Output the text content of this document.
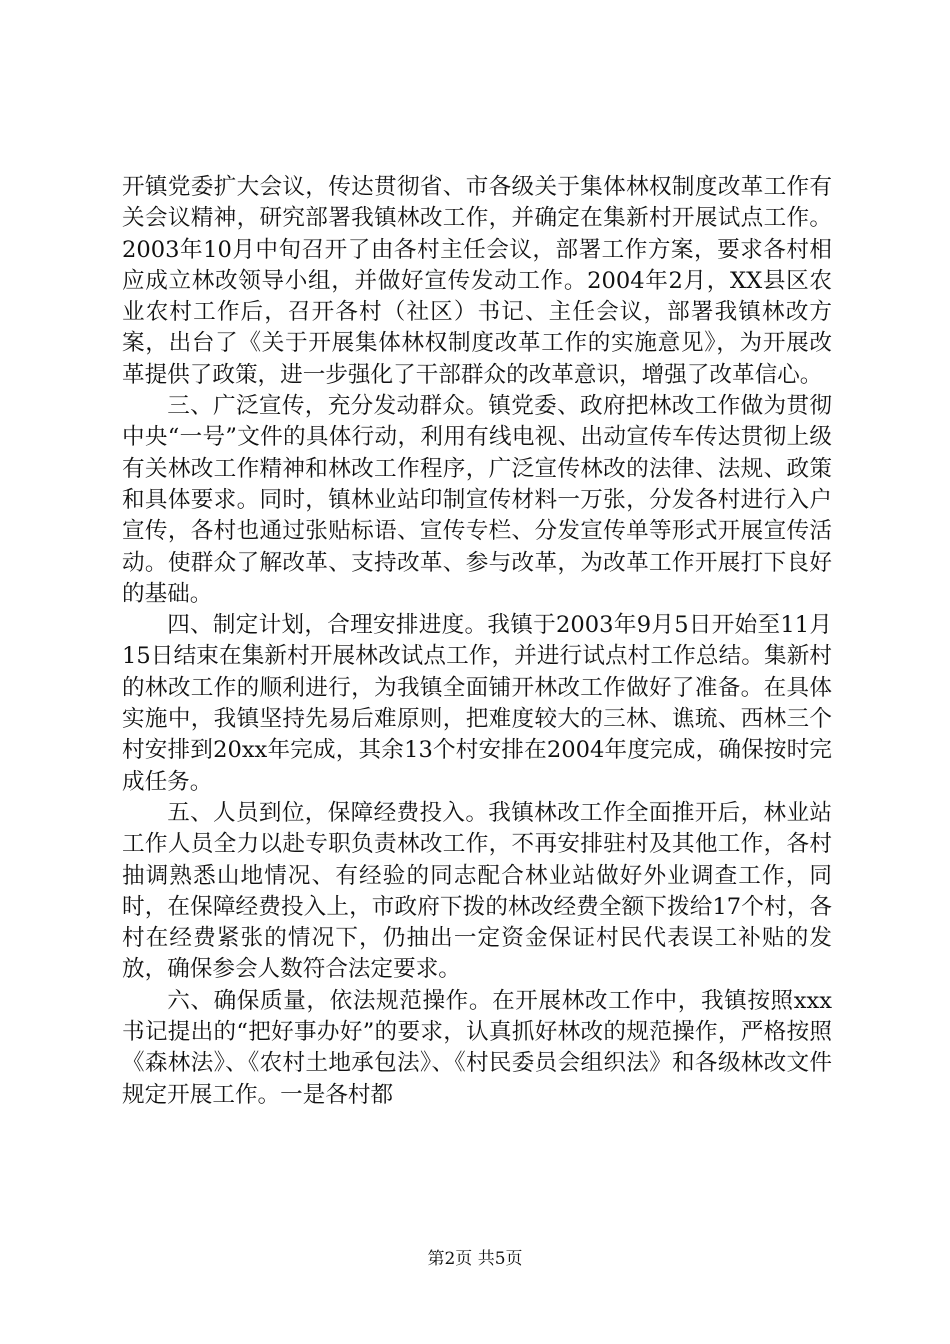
开镇党委扩大会议，传达贯彻省、市各级关于集体林权制度改革工作有关会议精神，研究部署我镇林改工作，并确定在集新村开展试点工作。2003年10月中旬召开了由各村主任会议，部署工作方案，要求各村相应成立林改领导小组，并做好宣传发动工作。2004年2月，XX县区农业农村工作后，召开各村（社区）书记、主任会议，部署我镇林改方案，出台了《关于开展集体林权制度改革工作的实施意见》，为开展改革提供了政策，进一步强化了干部群众的改革意识，增强了改革信心。

三、广泛宣传，充分发动群众。镇党委、政府把林改工作做为贯彻中央“一号”文件的具体行动，利用有线电视、出动宣传车传达贯彻上级有关林改工作精神和林改工作程序，广泛宣传林改的法律、法规、政策和具体要求。同时，镇林业站印制宣传材料一万张，分发各村进行入户宣传，各村也通过张贴标语、宣传专栏、分发宣传单等形式开展宣传活动。使群众了解改革、支持改革、参与改革，为改革工作开展打下良好的基础。

四、制定计划，合理安排进度。我镇于2003年9月5日开始至11月15日结束在集新村开展林改试点工作，并进行试点村工作总结。集新村的林改工作的顺利进行，为我镇全面铺开林改工作做好了准备。在具体实施中，我镇坚持先易后难原则，把难度较大的三林、谯琉、西林三个村安排到20xx年完成，其余13个村安排在2004年度完成，确保按时完成任务。

五、人员到位，保障经费投入。我镇林改工作全面推开后，林业站工作人员全力以赴专职负责林改工作，不再安排驻村及其他工作，各村抽调熟悉山地情况、有经验的同志配合林业站做好外业调查工作，同时，在保障经费投入上，市政府下拨的林改经费全额下拨给17个村，各村在经费紧张的情况下，仍抽出一定资金保证村民代表误工补贴的发放，确保参会人数符合法定要求。

六、确保质量，依法规范操作。在开展林改工作中，我镇按照xxx书记提出的“把好事办好”的要求，认真抓好林改的规范操作，严格按照《森林法》、《农村土地承包法》、《村民委员会组织法》和各级林改文件规定开展工作。一是各村都

第2页 共5页
